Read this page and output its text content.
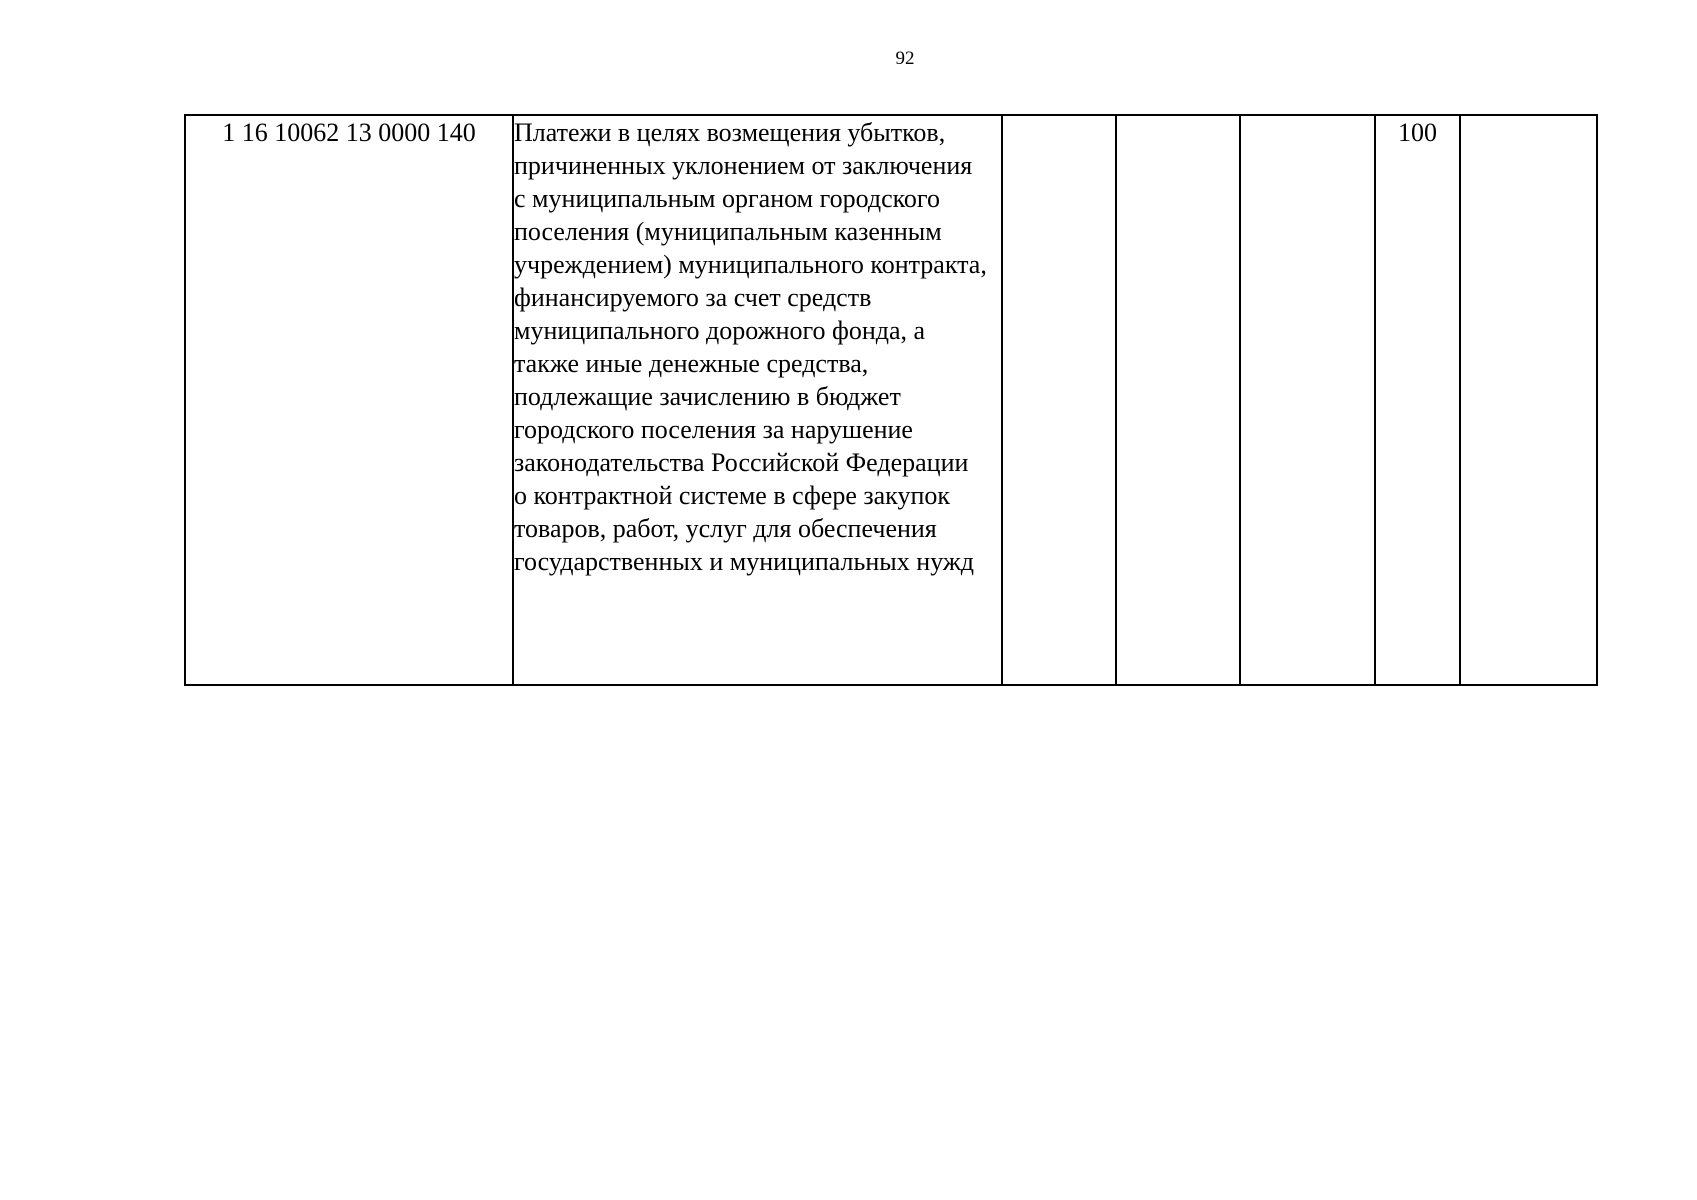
92
1 16 10062 13 0000 140	Платежи в целях возмещения убытков,
причиненных уклонением от заключения
с муниципальным органом городского
поселения (муниципальным казенным
учреждением) муниципального контракта,
финансируемого за счет средств
муниципального дорожного фонда, а
также иные денежные средства,
подлежащие зачислению в бюджет
городского поселения за нарушение
законодательства Российской Федерации
о контрактной системе в сфере закупок
товаров, работ, услуг для обеспечения
государственных и муниципальных нужд
				100	
